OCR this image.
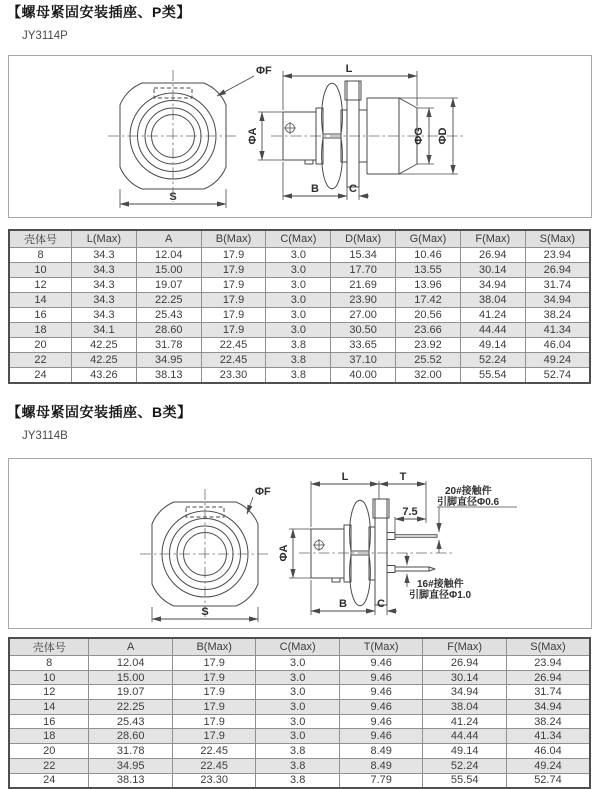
【螺母紧固安装插座、P类】
JY3114P
ΦF
S
L
ΦA	ΦG ΦD
B	C
壳体号	L(Max)	A	B(Max)	C(Max)	D(Max)	G(Max)	F(Max)	S(Max)
8	34.3	12.04	17.9	3.0	15.34	10.46	26.94	23.94
10	34.3	15.00	17.9	3.0	17.70	13.55	30.14	26.94
12	34.3	19.07	17.9	3.0	21.69	13.96	34.94	31.74
14	34.3	22.25	17.9	3.0	23.90	17.42	38.04	34.94
16	34.3	25.43	17.9	3.0	27.00	20.56	41.24	38.24
18	34.1	28.60	17.9	3.0	30.50	23.66	44.44	41.34
20	42.25	31.78	22.45	3.8	33.65	23.92	49.14	46.04
22	42.25	34.95	22.45	3.8	37.10	25.52	52.24	49.24
24	43.26	38.13	23.30	3.8	40.00	32.00	55.54	52.74
【螺母紧固安装插座、B类】
JY3114B
ΦF
S
L	T
7.5
20#接触件
引脚直径Φ0.6
16#接触件
引脚直径Φ1.0
ΦA
B	C
壳体号	A	B(Max)	C(Max)	T(Max)	F(Max)	S(Max)
8	12.04	17.9	3.0	9.46	26.94	23.94
10	15.00	17.9	3.0	9.46	30.14	26.94
12	19.07	17.9	3.0	9.46	34.94	31.74
14	22.25	17.9	3.0	9.46	38.04	34.94
16	25.43	17.9	3.0	9.46	41.24	38.24
18	28.60	17.9	3.0	9.46	44.44	41.34
20	31.78	22.45	3.8	8.49	49.14	46.04
22	34.95	22.45	3.8	8.49	52.24	49.24
24	38.13	23.30	3.8	7.79	55.54	52.74
